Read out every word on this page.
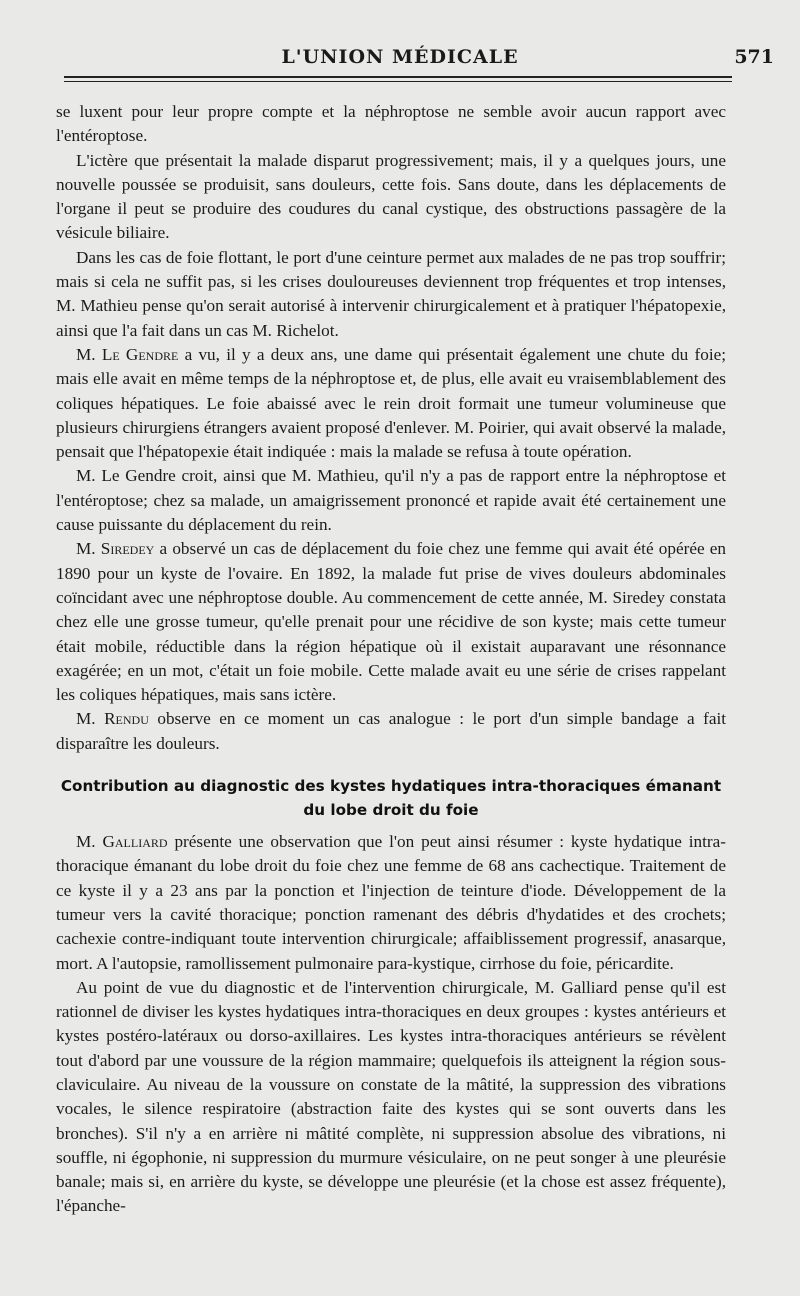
L'UNION MÉDICALE	571

se luxent pour leur propre compte et la néphroptose ne semble avoir aucun rapport avec l'entéroptose.

L'ictère que présentait la malade disparut progressivement; mais, il y a quelques jours, une nouvelle poussée se produisit, sans douleurs, cette fois. Sans doute, dans les déplacements de l'organe il peut se produire des coudures du canal cystique, des obstructions passagère de la vésicule biliaire.

Dans les cas de foie flottant, le port d'une ceinture permet aux malades de ne pas trop souffrir; mais si cela ne suffit pas, si les crises douloureuses deviennent trop fréquentes et trop intenses, M. Mathieu pense qu'on serait autorisé à intervenir chirurgicalement et à pratiquer l'hépatopexie, ainsi que l'a fait dans un cas M. Richelot.

M. Le Gendre a vu, il y a deux ans, une dame qui présentait également une chute du foie; mais elle avait en même temps de la néphroptose et, de plus, elle avait eu vraisemblablement des coliques hépatiques. Le foie abaissé avec le rein droit formait une tumeur volumineuse que plusieurs chirurgiens étrangers avaient proposé d'enlever. M. Poirier, qui avait observé la malade, pensait que l'hépatopexie était indiquée : mais la malade se refusa à toute opération.

M. Le Gendre croit, ainsi que M. Mathieu, qu'il n'y a pas de rapport entre la néphroptose et l'entéroptose; chez sa malade, un amaigrissement prononcé et rapide avait été certainement une cause puissante du déplacement du rein.

M. Siredey a observé un cas de déplacement du foie chez une femme qui avait été opérée en 1890 pour un kyste de l'ovaire. En 1892, la malade fut prise de vives douleurs abdominales coïncidant avec une néphroptose double. Au commencement de cette année, M. Siredey constata chez elle une grosse tumeur, qu'elle prenait pour une récidive de son kyste; mais cette tumeur était mobile, réductible dans la région hépatique où il existait auparavant une résonnance exagérée; en un mot, c'était un foie mobile. Cette malade avait eu une série de crises rappelant les coliques hépatiques, mais sans ictère.

M. Rendu observe en ce moment un cas analogue : le port d'un simple bandage a fait disparaître les douleurs.

Contribution au diagnostic des kystes hydatiques intra-thoraciques émanant
du lobe droit du foie

M. Galliard présente une observation que l'on peut ainsi résumer : kyste hydatique intra-thoracique émanant du lobe droit du foie chez une femme de 68 ans cachectique. Traitement de ce kyste il y a 23 ans par la ponction et l'injection de teinture d'iode. Développement de la tumeur vers la cavité thoracique; ponction ramenant des débris d'hydatides et des crochets; cachexie contre-indiquant toute intervention chirurgicale; affaiblissement progressif, anasarque, mort. A l'autopsie, ramollissement pulmonaire para-kystique, cirrhose du foie, péricardite.

Au point de vue du diagnostic et de l'intervention chirurgicale, M. Galliard pense qu'il est rationnel de diviser les kystes hydatiques intra-thoraciques en deux groupes : kystes antérieurs et kystes postéro-latéraux ou dorso-axillaires. Les kystes intra-thoraciques antérieurs se révèlent tout d'abord par une voussure de la région mammaire; quelquefois ils atteignent la région sous-claviculaire. Au niveau de la voussure on constate de la mâtité, la suppression des vibrations vocales, le silence respiratoire (abstraction faite des kystes qui se sont ouverts dans les bronches). S'il n'y a en arrière ni mâtité complète, ni suppression absolue des vibrations, ni souffle, ni égophonie, ni suppression du murmure vésiculaire, on ne peut songer à une pleurésie banale; mais si, en arrière du kyste, se développe une pleurésie (et la chose est assez fréquente), l'épanche-
